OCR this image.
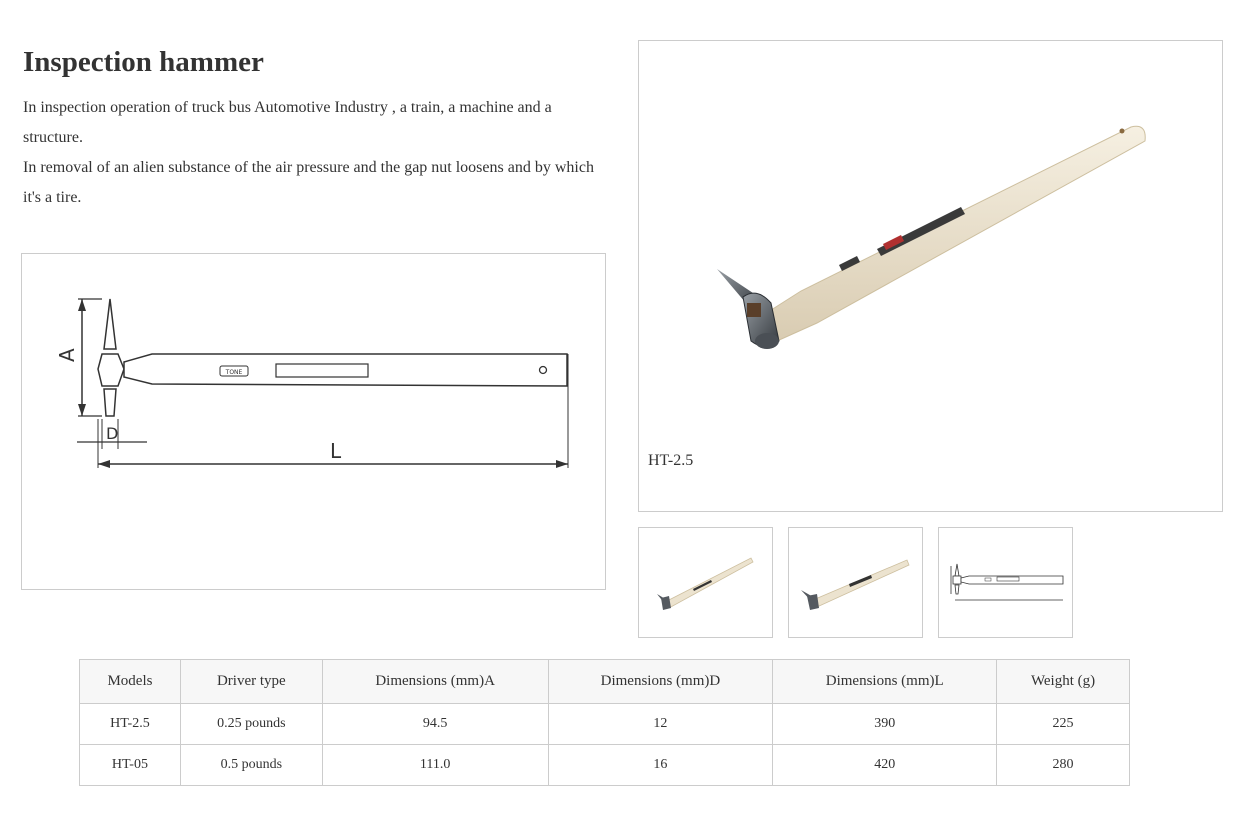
Inspection hammer

In inspection operation of truck bus Automotive Industry , a train, a machine and a structure.

In removal of an alien substance of the air pressure and the gap nut loosens and by which it's a tire.

A
TONE
D
L	HT-2.5
Models	Driver type	Dimensions (mm)A	Dimensions (mm)D	Dimensions (mm)L	Weight (g)
HT-2.5	0.25 pounds	94.5	12	390	225
HT-05	0.5 pounds	111.0	16	420	280
